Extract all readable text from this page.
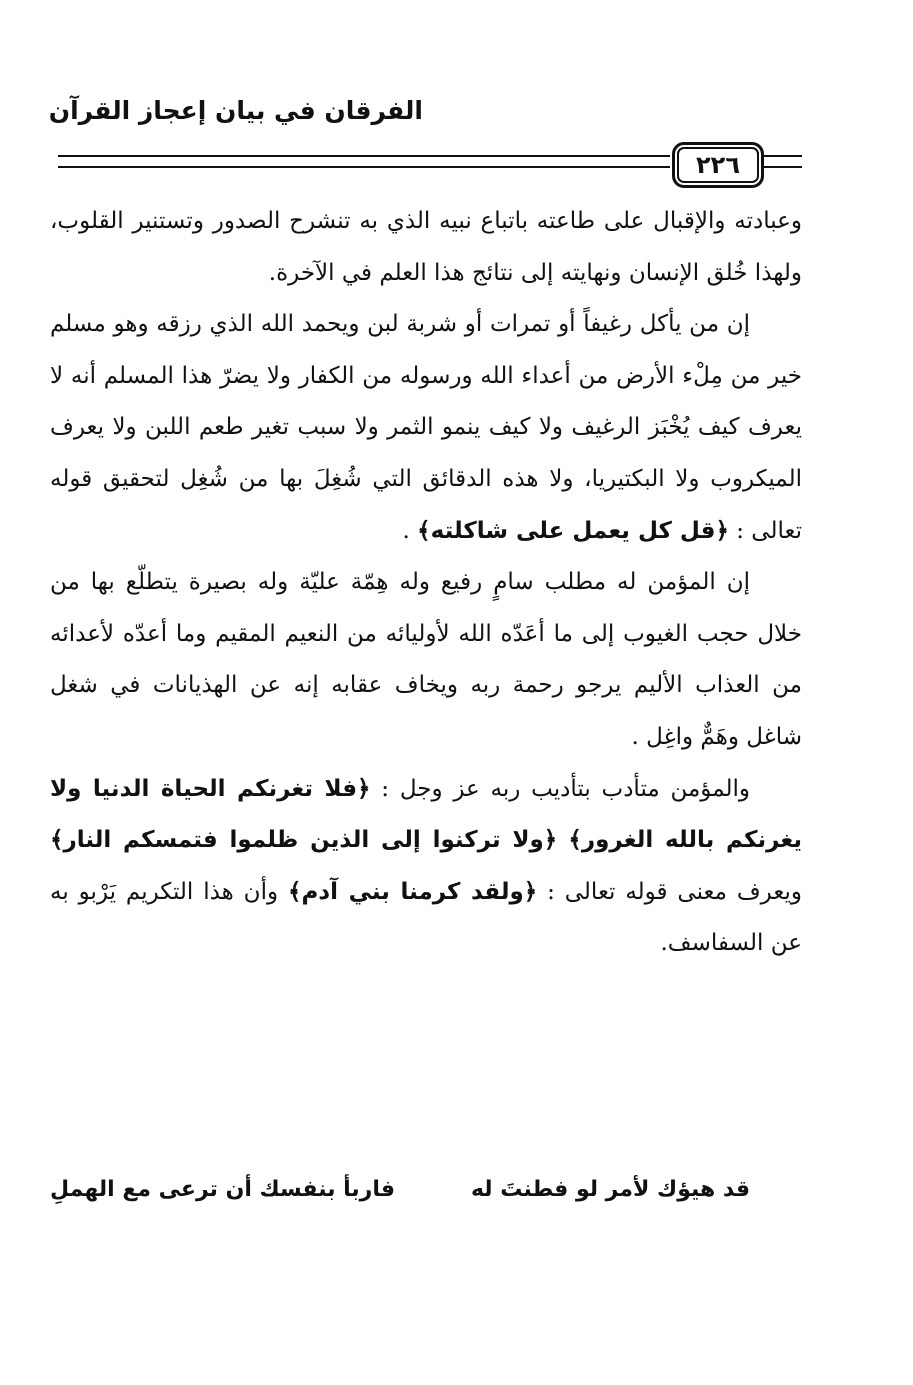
الفرقان في بيان إعجاز القرآن
٢٢٦

وعبادته والإقبال على طاعته باتباع نبيه الذي به تنشرح الصدور وتستنير القلوب، ولهذا خُلق الإنسان ونهايته إلى نتائج هذا العلم في الآخرة.

إن من يأكل رغيفاً أو تمرات أو شربة لبن ويحمد الله الذي رزقه وهو مسلم خير من مِلْء الأرض من أعداء الله ورسوله من الكفار ولا يضرّ هذا المسلم أنه لا يعرف كيف يُخْبَز الرغيف ولا كيف ينمو الثمر ولا سبب تغير طعم اللبن ولا يعرف الميكروب ولا البكتيريا، ولا هذه الدقائق التي شُغِلَ بها من شُغِل لتحقيق قوله تعالى : ﴿قل كل يعمل على شاكلته﴾ .

إن المؤمن له مطلب سامٍ رفيع وله هِمّة عليّة وله بصيرة يتطلّع بها من خلال حجب الغيوب إلى ما أعَدّه الله لأوليائه من النعيم المقيم وما أعدّه لأعدائه من العذاب الأليم يرجو رحمة ربه ويخاف عقابه إنه عن الهذيانات في شغل شاغل وهَمٌّ واغِل .

والمؤمن متأدب بتأديب ربه عز وجل : ﴿فلا تغرنكم الحياة الدنيا ولا يغرنكم بالله الغرور﴾ ﴿ولا تركنوا إلى الذين ظلموا فتمسكم النار﴾ ويعرف معنى قوله تعالى : ﴿ولقد كرمنا بني آدم﴾ وأن هذا التكريم يَرْبو به عن السفاسف.

قد هيؤك لأمر لو فطنتَ له
فاربأ بنفسك أن ترعى مع الهملِ
